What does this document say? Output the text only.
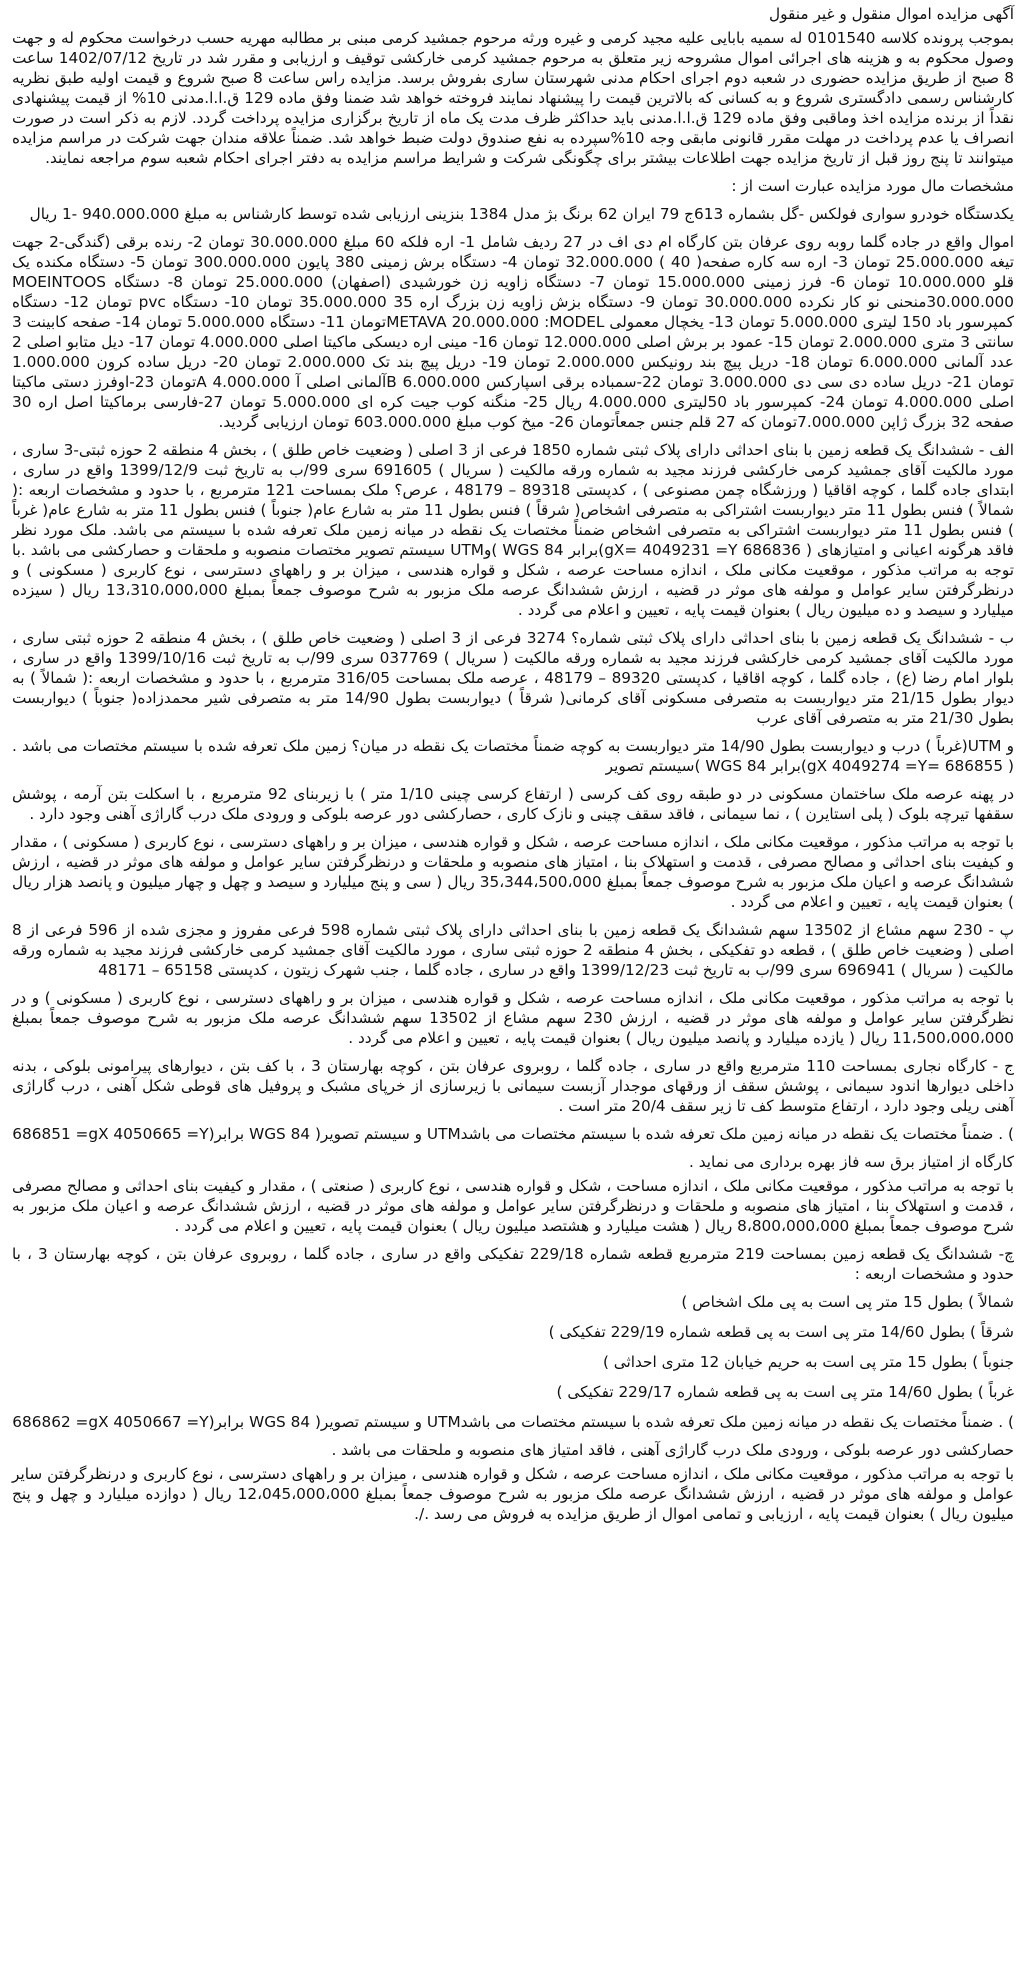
آگهی مزایده اموال منقول و غیر منقول

بموجب پرونده کلاسه 0101540 له سمیه بابایی علیه مجید کرمی و غیره ورثه مرحوم جمشید کرمی مبنی بر مطالبه مهریه حسب درخواست محکوم له و جهت وصول محکوم به و هزینه های اجرائی اموال مشروحه زیر متعلق به مرحوم جمشید کرمی خارکشی توقیف و ارزیابی و مقرر شد در تاریخ 1402/07/12 ساعت 8 صبح از طریق مزایده حضوری در شعبه دوم اجرای احکام مدنی شهرستان ساری بفروش برسد. مزایده راس ساعت 8 صبح شروع و قیمت اولیه طبق نظریه کارشناس رسمی دادگستری شروع و به کسانی که بالاترین قیمت را پیشنهاد نمایند فروخته خواهد شد ضمنا وفق ماده 129 ق.ا.ا.مدنی 10% از قیمت پیشنهادی نقداً از برنده مزایده اخذ وماقبی وفق ماده 129 ق.ا.ا.مدنی باید حداکثر ظرف مدت یک ماه از تاریخ برگزاری مزایده پرداخت گردد. لازم به ذکر است در صورت انصراف یا عدم پرداخت در مهلت مقرر قانونی مابقی وجه 10%سپرده به نفع صندوق دولت ضبط خواهد شد. ضمناً علاقه مندان جهت شرکت در مراسم مزایده میتوانند تا پنج روز قبل از تاریخ مزایده جهت اطلاعات بیشتر برای چگونگی شرکت و شرایط مراسم مزایده به دفتر اجرای احکام شعبه سوم مراجعه نمایند.

مشخصات مال مورد مزایده عبارت است از :

یکدستگاه خودرو سواری فولکس -گل بشماره 613ج 79 ایران 62 برنگ بژ مدل 1384 بنزینی ارزیابی شده توسط کارشناس به مبلغ 940.000.000 -1 ریال

اموال واقع در جاده گلما روبه روی عرفان بتن کارگاه ام دی اف در 27 ردیف شامل 1- اره فلکه 60 مبلغ 30.000.000 تومان 2- رنده برقی (گندگی-2 جهت تیغه 25.000.000 تومان 3- اره سه کاره صفحه( 40 ) 32.000.000 تومان 4- دستگاه برش زمینی 380 پایون 300.000.000 تومان 5- دستگاه مکنده یک قلو 10.000.000 تومان 6- فرز زمینی 15.000.000 تومان 7- دستگاه زاویه زن خورشیدی (اصفهان) 25.000.000 تومان 8- دستگاه MOEINTOOS 30.000.000منحنی نو کار نکرده 30.000.000 تومان 9- دستگاه بزش زاویه زن بزرگ اره 35 35.000.000 تومان 10- دستگاه pvc تومان 12- دستگاه کمپرسور باد 150 لیتری 5.000.000 تومان 13- یخچال معمولی METAVA 20.000.000 :MODELتومان 11- دستگاه 5.000.000 تومان 14- صفحه کابینت 3 سانتی 3 متری 2.000.000 تومان 15- عمود بر برش اصلی 12.000.000 تومان 16- مینی اره دیسکی ماکیتا اصلی 4.000.000 تومان 17- دیل متابو اصلی 2 عدد آلمانی 6.000.000 تومان 18- دریل پیچ بند رونیکس 2.000.000 تومان 19- دریل پیچ بند تک 2.000.000 تومان 20- دریل ساده کرون 1.000.000 تومان 21- دریل ساده دی سی دی 3.000.000 تومان 22-سمباده برقی اسپارکس 6.000.000 Bآلمانی اصلی آ 4.000.000 Aتومان 23-اوفرز دستی ماکیتا اصلی 4.000.000 تومان 24- کمپرسور باد 50لیتری 4.000.000 ریال 25- منگنه کوب جیت کره ای 5.000.000 تومان 27-فارسی برماکیتا اصل اره 30 صفحه 32 بزرگ ژاپن 7.000.000تومان که 27 قلم جنس جمعاًتومان 26- میخ کوب مبلغ 603.000.000 تومان ارزیابی گردید.

الف - ششدانگ یک قطعه زمین با بنای احداثی دارای پلاک ثبتی شماره 1850 فرعی از 3 اصلی ( وضعیت خاص طلق ) ، بخش 4 منطقه 2 حوزه ثبتی-3 ساری ، مورد مالکیت آقای جمشید کرمی خارکشی فرزند مجید به شماره ورقه مالکیت ( سریال ) 691605 سری 99/ب به تاریخ ثبت 1399/12/9 واقع در ساری ، ابتدای جاده گلما ، کوچه اقاقیا ( ورزشگاه چمن مصنوعی ) ، کدپستی 89318 – 48179 ، عرص؟ ملک بمساحت 121 مترمربع ، با حدود و مشخصات اربعه :( شمالاً ) فنس بطول 11 متر دیواربست اشتراکی به متصرفی اشخاص( شرقاً ) فنس بطول 11 متر به شارع عام( جنوباً ) فنس بطول 11 متر به شارع عام( غرباً ) فنس بطول 11 متر دیواربست اشتراکی به متصرفی اشخاص ضمناً مختصات یک نقطه در میانه زمین ملک تعرفه شده با سیستم می باشد. ملک مورد نظر فاقد هرگونه اعیانی و امتیازهای ( 686836 gX= 4049231 =Y)برابر WGS 84 )وUTM سیستم تصویر مختصات منصوبه و ملحقات و حصارکشی می باشد .با توجه به مراتب مذکور ، موقعیت مکانی ملک ، اندازه مساحت عرصه ، شکل و قواره هندسی ، میزان بر و راههای دسترسی ، نوع کاربری ( مسکونی ) و درنظرگرفتن سایر عوامل و مولفه های موثر در قضیه ، ارزش ششدانگ عرصه ملک مزبور به شرح موصوف جمعاً بمبلغ 13،310،000،000 ریال ( سیزده میلیارد و سیصد و ده میلیون ریال ) بعنوان قیمت پایه ، تعیین و اعلام می گردد .

ب - ششدانگ یک قطعه زمین با بنای احداثی دارای پلاک ثبتی شماره؟ 3274 فرعی از 3 اصلی ( وضعیت خاص طلق ) ، بخش 4 منطقه 2 حوزه ثبتی ساری ، مورد مالکیت آقای جمشید کرمی خارکشی فرزند مجید به شماره ورقه مالکیت ( سریال ) 037769 سری 99/ب به تاریخ ثبت 1399/10/16 واقع در ساری ، بلوار امام رضا (ع) ، جاده گلما ، کوچه اقاقیا ، کدپستی 89320 – 48179 ، عرصه ملک بمساحت 316/05 مترمربع ، با حدود و مشخصات اربعه :( شمالاً ) به دیوار بطول 21/15 متر دیواربست به متصرفی مسکونی آقای کرمانی( شرقاً ) دیواربست بطول 14/90 متر به متصرفی شیر محمدزاده( جنوباً ) دیواربست بطول 21/30 متر به متصرفی آقای عرب

و UTM(غرباً ) درب و دیواربست بطول 14/90 متر دیواربست به کوچه ضمناً مختصات یک نقطه در میان؟ زمین ملک تعرفه شده با سیستم مختصات می باشد . ( 686855 =gX 4049274 =Y)برابر WGS 84 )سیستم تصویر

در پهنه عرصه ملک ساختمان مسکونی در دو طبقه روی کف کرسی ( ارتفاع کرسی چینی 1/10 متر ) با زیربنای 92 مترمربع ، با اسکلت بتن آرمه ، پوشش سقفها تیرچه بلوک ( پلی استایرن ) ، نما سیمانی ، فاقد سقف چینی و نازک کاری ، حصارکشی دور عرصه بلوکی و ورودی ملک درب گاراژی آهنی وجود دارد .

با توجه به مراتب مذکور ، موقعیت مکانی ملک ، اندازه مساحت عرصه ، شکل و قواره هندسی ، میزان بر و راههای دسترسی ، نوع کاربری ( مسکونی ) ، مقدار و کیفیت بنای احداثی و مصالح مصرفی ، قدمت و استهلاک بنا ، امتیاز های منصوبه و ملحقات و درنظرگرفتن سایر عوامل و مولفه های موثر در قضیه ، ارزش ششدانگ عرصه و اعیان ملک مزبور به شرح موصوف جمعاً بمبلغ 35،344،500،000 ریال ( سی و پنج میلیارد و سیصد و چهل و چهار میلیون و پانصد هزار ریال ) بعنوان قیمت پایه ، تعیین و اعلام می گردد .

پ - 230 سهم مشاع از 13502 سهم ششدانگ یک قطعه زمین با بنای احداثی دارای پلاک ثبتی شماره 598 فرعی مفروز و مجزی شده از 596 فرعی از 8 اصلی ( وضعیت خاص طلق ) ، قطعه دو تفکیکی ، بخش 4 منطقه 2 حوزه ثبتی ساری ، مورد مالکیت آقای جمشید کرمی خارکشی فرزند مجید به شماره ورقه مالکیت ( سریال ) 696941 سری 99/ب به تاریخ ثبت 1399/12/23 واقع در ساری ، جاده گلما ، جنب شهرک زیتون ، کدپستی 65158 – 48171

با توجه به مراتب مذکور ، موقعیت مکانی ملک ، اندازه مساحت عرصه ، شکل و قواره هندسی ، میزان بر و راههای دسترسی ، نوع کاربری ( مسکونی ) و در نظرگرفتن سایر عوامل و مولفه های موثر در قضیه ، ارزش 230 سهم مشاع از 13502 سهم ششدانگ عرصه ملک مزبور به شرح موصوف جمعاً بمبلغ 11،500،000،000 ریال ( یازده میلیارد و پانصد میلیون ریال ) بعنوان قیمت پایه ، تعیین و اعلام می گردد .

ج - کارگاه نجاری بمساحت 110 مترمربع واقع در ساری ، جاده گلما ، روبروی عرفان بتن ، کوچه بهارستان 3 ، با کف بتن ، دیوارهای پیرامونی بلوکی ، بدنه داخلی دیوارها اندود سیمانی ، پوشش سقف از ورقهای موجدار آزبست سیمانی با زیرسازی از خرپای مشبک و پروفیل های قوطی شکل آهنی ، درب گاراژی آهنی ریلی وجود دارد ، ارتفاع متوسط کف تا زیر سقف 20/4 متر است .

686851 =gX 4050665 =Y)برابر WGS 84 )و سیستم تصویر UTMضمناً مختصات یک نقطه در میانه زمین ملک تعرفه شده با سیستم مختصات می باشد . (

کارگاه از امتیاز برق سه فاز بهره برداری می نماید .

با توجه به مراتب مذکور ، موقعیت مکانی ملک ، اندازه مساحت ، شکل و قواره هندسی ، نوع کاربری ( صنعتی ) ، مقدار و کیفیت بنای احداثی و مصالح مصرفی ، قدمت و استهلاک بنا ، امتیاز های منصوبه و ملحقات و درنظرگرفتن سایر عوامل و مولفه های موثر در قضیه ، ارزش ششدانگ عرصه و اعیان ملک مزبور به شرح موصوف جمعاً بمبلغ 8،800،000،000 ریال ( هشت میلیارد و هشتصد میلیون ریال ) بعنوان قیمت پایه ، تعیین و اعلام می گردد .

چ- ششدانگ یک قطعه زمین بمساحت 219 مترمربع قطعه شماره 229/18 تفکیکی واقع در ساری ، جاده گلما ، روبروی عرفان بتن ، کوچه بهارستان 3 ، با حدود و مشخصات اربعه :

شمالاً ) بطول 15 متر پی است به پی ملک اشخاص )

شرقاً ) بطول 14/60 متر پی است به پی قطعه شماره 229/19 تفکیکی )

جنوباً ) بطول 15 متر پی است به حریم خیابان 12 متری احداثی )

غرباً ) بطول 14/60 متر پی است به پی قطعه شماره 229/17 تفکیکی )

686862 =gX 4050667 =Y)برابر WGS 84 )و سیستم تصویر UTMضمناً مختصات یک نقطه در میانه زمین ملک تعرفه شده با سیستم مختصات می باشد . (

حصارکشی دور عرصه بلوکی ، ورودی ملک درب گاراژی آهنی ، فاقد امتیاز های منصوبه و ملحقات می باشد .

با توجه به مراتب مذکور ، موقعیت مکانی ملک ، اندازه مساحت عرصه ، شکل و قواره هندسی ، میزان بر و راههای دسترسی ، نوع کاربری و درنظرگرفتن سایر عوامل و مولفه های موثر در قضیه ، ارزش ششدانگ عرصه ملک مزبور به شرح موصوف جمعاً بمبلغ 12،045،000،000 ریال ( دوازده میلیارد و چهل و پنج میلیون ریال ) بعنوان قیمت پایه ، ارزیابی و تمامی اموال از طریق مزایده به فروش می رسد ./.
